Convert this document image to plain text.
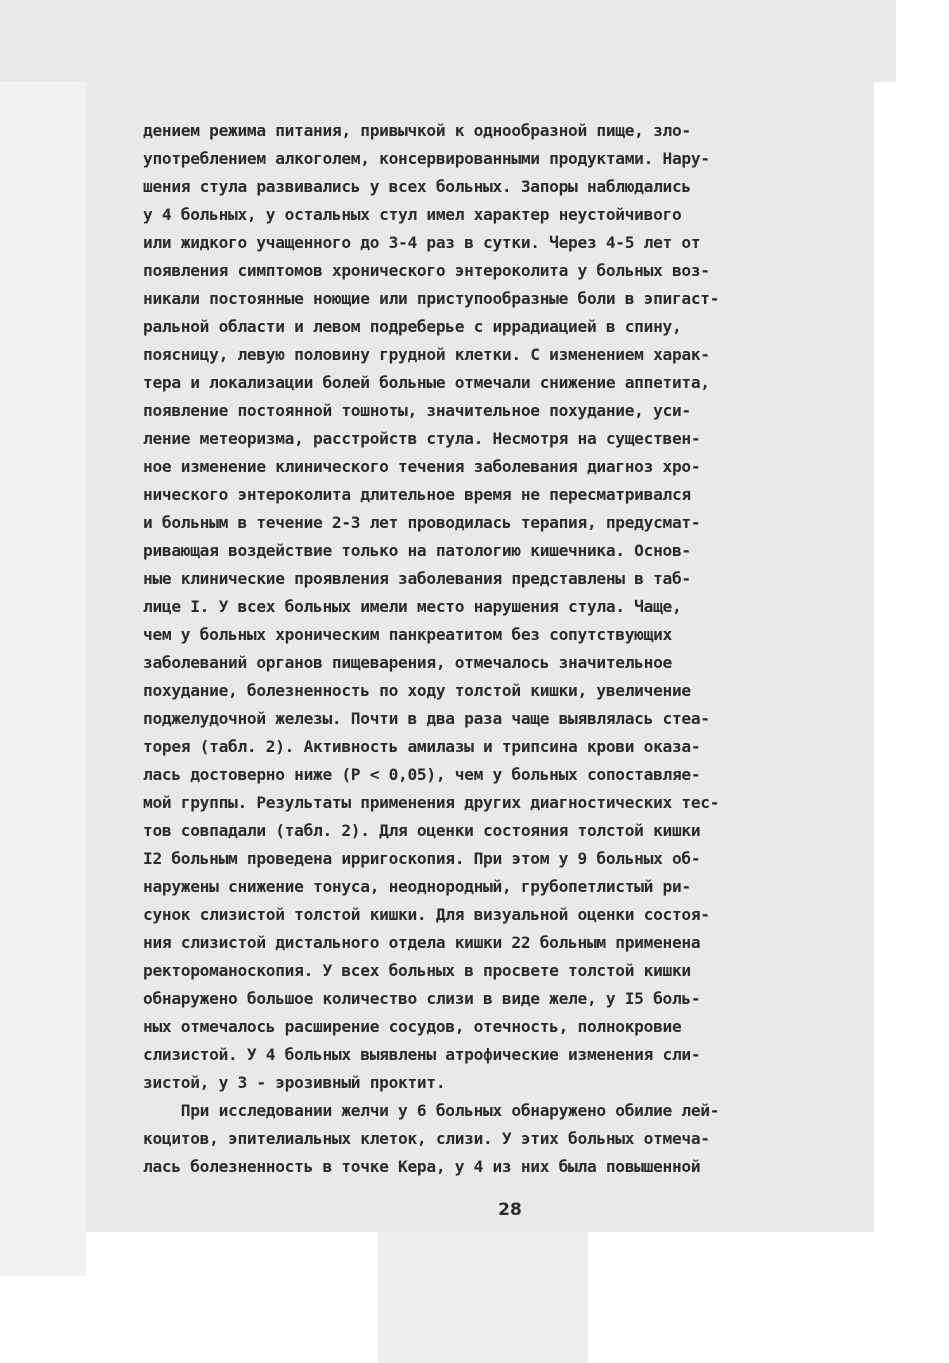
дением режима питания, привычкой к однообразной пище, зло-
употреблением алкоголем, консервированными продуктами. Нару-
шения стула развивались у всех больных. Запоры наблюдались
у 4 больных, у остальных стул имел характер неустойчивого
или жидкого учащенного до 3-4 раз в сутки. Через 4-5 лет от
появления симптомов хронического энтероколита у больных воз-
никали постоянные ноющие или приступообразные боли в эпигаст-
ральной области и левом подреберье с иррадиацией в спину,
поясницу, левую половину грудной клетки. С изменением харак-
тера и локализации болей больные отмечали снижение аппетита,
появление постоянной тошноты, значительное похудание, уси-
ление метеоризма, расстройств стула. Несмотря на существен-
ное изменение клинического течения заболевания диагноз хро-
нического энтероколита длительное время не пересматривался
и больным в течение 2-3 лет проводилась терапия, предусмат-
ривающая воздействие только на патологию кишечника. Основ-
ные клинические проявления заболевания представлены в таб-
лице I. У всех больных имели место нарушения стула. Чаще,
чем у больных хроническим панкреатитом без сопутствующих
заболеваний органов пищеварения, отмечалось значительное
похудание, болезненность по ходу толстой кишки, увеличение
поджелудочной железы. Почти в два раза чаще выявлялась стеа-
торея (табл. 2). Активность амилазы и трипсина крови оказа-
лась достоверно ниже (P < 0,05), чем у больных сопоставляе-
мой группы. Результаты применения других диагностических тес-
тов совпадали (табл. 2). Для оценки состояния толстой кишки
I2 больным проведена ирригоскопия. При этом у 9 больных об-
наружены снижение тонуса, неоднородный, грубопетлистый ри-
сунок слизистой толстой кишки. Для визуальной оценки состоя-
ния слизистой дистального отдела кишки 22 больным применена
ректороманоскопия. У всех больных в просвете толстой кишки
обнаружено большое количество слизи в виде желе, у I5 боль-
ных отмечалось расширение сосудов, отечность, полнокровие
слизистой. У 4 больных выявлены атрофические изменения сли-
зистой, у 3 - эрозивный проктит.
При исследовании желчи у 6 больных обнаружено обилие лей-
коцитов, эпителиальных клеток, слизи. У этих больных отмеча-
лась болезненность в точке Кера, у 4 из них была повышенной
28
